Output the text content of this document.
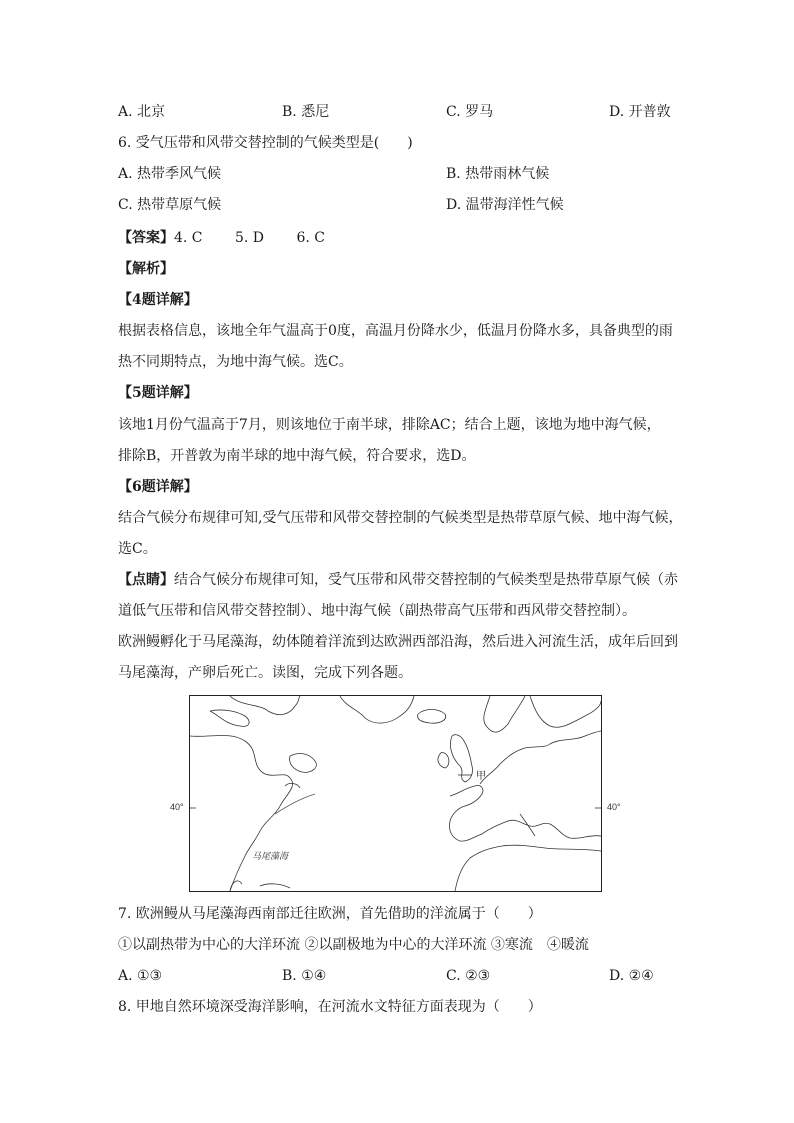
A. 北京	B. 悉尼	C. 罗马	D. 开普敦
6. 受气压带和风带交替控制的气候类型是(　　)
A. 热带季风气候	B. 热带雨林气候
C. 热带草原气候	D. 温带海洋性气候
【答案】4. C　　 5. D　　 6. C
【解析】
【4题详解】
根据表格信息，该地全年气温高于0度，高温月份降水少，低温月份降水多，具备典型的雨
热不同期特点，为地中海气候。选C。
【5题详解】
该地1月份气温高于7月，则该地位于南半球，排除AC；结合上题，该地为地中海气候，
排除B，开普敦为南半球的地中海气候，符合要求，选D。
【6题详解】
结合气候分布规律可知,受气压带和风带交替控制的气候类型是热带草原气候、地中海气候，
选C。
【点睛】结合气候分布规律可知，受气压带和风带交替控制的气候类型是热带草原气候（赤
道低气压带和信风带交替控制）、地中海气候（副热带高气压带和西风带交替控制）。
欧洲鳗孵化于马尾藻海，幼体随着洋流到达欧洲西部沿海，然后进入河流生活，成年后回到
马尾藻海，产卵后死亡。读图，完成下列各题。
40°	40°
甲
马尾藻海
7. 欧洲鳗从马尾藻海西南部迁往欧洲，首先借助的洋流属于（　　）
①以副热带为中心的大洋环流 ②以副极地为中心的大洋环流 ③寒流　④暖流
A. ①③	B. ①④	C. ②③	D. ②④
8. 甲地自然环境深受海洋影响，在河流水文特征方面表现为（　　）
